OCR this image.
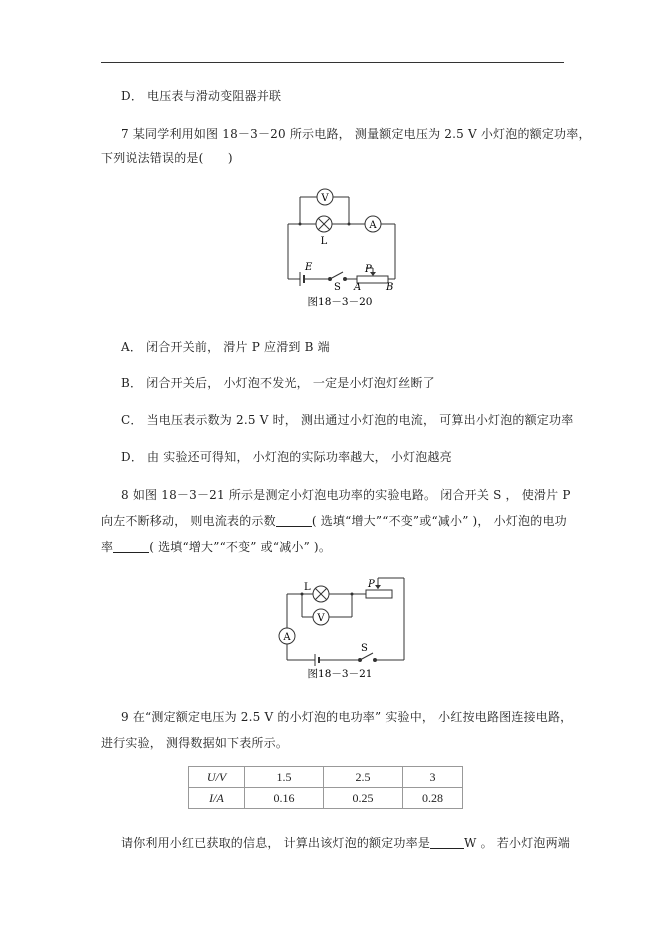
D． 电压表与滑动变阻器并联
7 某同学利用如图 18－3－20 所示电路， 测量额定电压为 2.5 V 小灯泡的额定功率，
下列说法错误的是(　　)
V
L
A
E
S
P
A B
图18－3－20
A． 闭合开关前， 滑片 P 应滑到 B 端
B． 闭合开关后， 小灯泡不发光， 一定是小灯泡灯丝断了
C． 当电压表示数为 2.5 V 时， 测出通过小灯泡的电流， 可算出小灯泡的额定功率
D． 由 实验还可得知， 小灯泡的实际功率越大， 小灯泡越亮
8 如图 18－3－21 所示是测定小灯泡电功率的实验电路。 闭合开关 S ， 使滑片 P
向左不断移动， 则电流表的示数	( 选填“增大”“不变”或“减小” )， 小灯泡的电功
率	( 选填“增大”“不变” 或“减小” )。
L	P
V
A
S
图18－3－21
9 在“测定额定电压为 2.5 V 的小灯泡的电功率” 实验中， 小红按电路图连接电路，
进行实验， 测得数据如下表所示。
U/V	1.5	2.5	3
I/A	0.16	0.25	0.28
请你利用小红已获取的信息， 计算出该灯泡的额定功率是	W 。 若小灯泡两端
